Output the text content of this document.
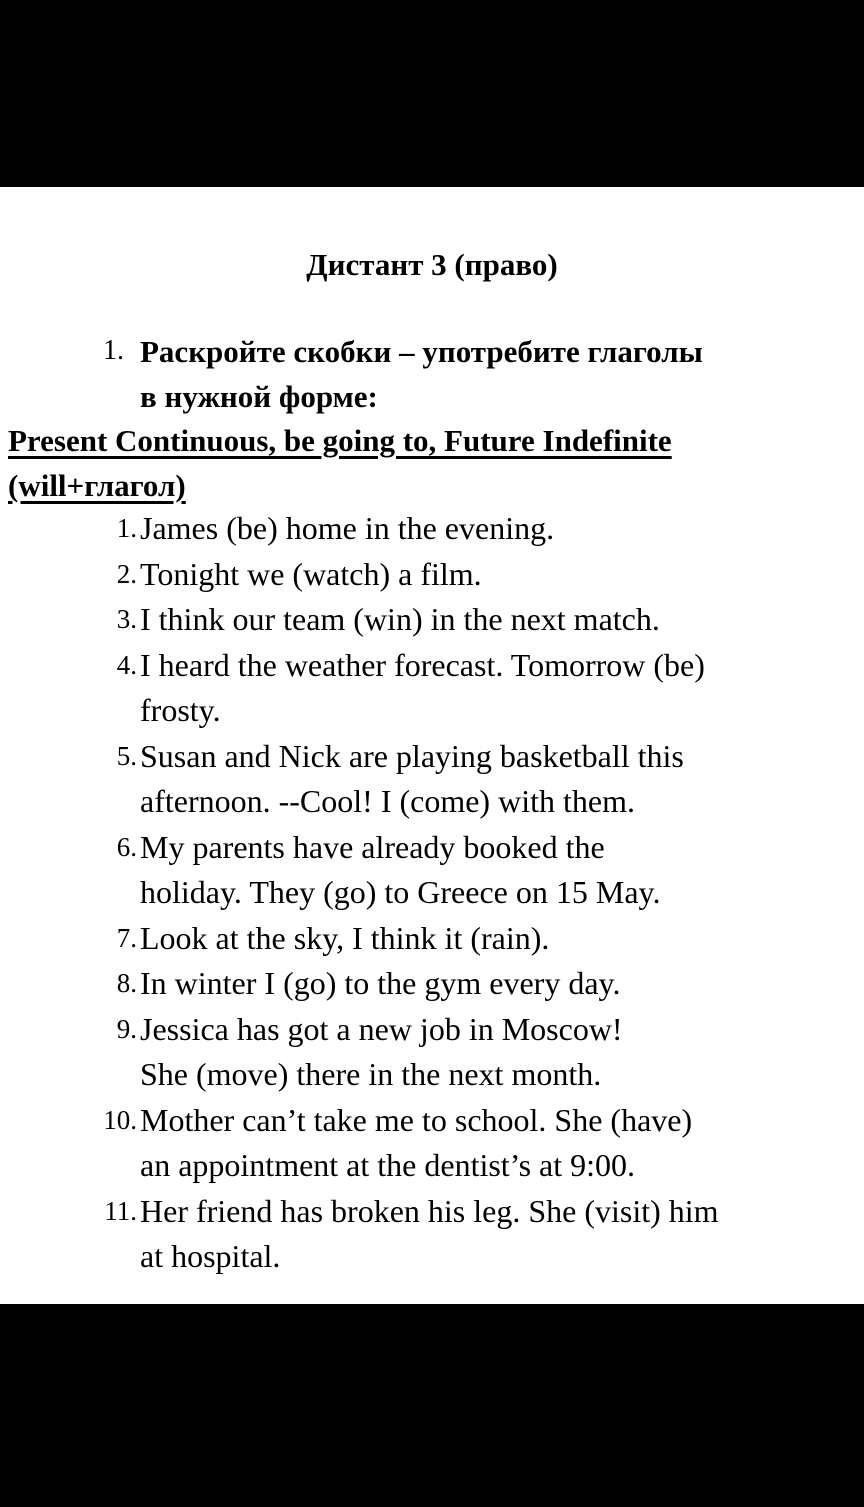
Дистант 3 (право)
1. Раскройте скобки – употребите глаголы
в нужной форме:
Present Continuous, be going to, Future Indefinite
(will+глагол)
1. James (be) home in the evening.
2. Tonight we (watch) a film.
3. I think our team (win) in the next match.
4. I heard the weather forecast. Tomorrow (be)
frosty.
5. Susan and Nick are playing basketball this
afternoon. --Cool! I (come) with them.
6. My parents have already booked the
holiday. They (go) to Greece on 15 May.
7. Look at the sky, I think it (rain).
8. In winter I (go) to the gym every day.
9. Jessica has got a new job in Moscow!
She (move) there in the next month.
10. Mother can’t take me to school. She (have)
an appointment at the dentist’s at 9:00.
11. Her friend has broken his leg. She (visit) him
at hospital.
